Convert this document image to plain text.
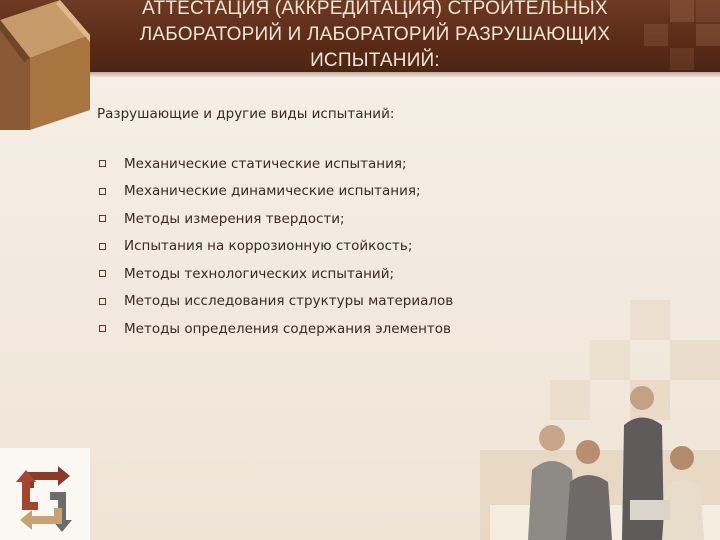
АТТЕСТАЦИЯ (АККРЕДИТАЦИЯ) СТРОИТЕЛЬНЫХ
ЛАБОРАТОРИЙ И ЛАБОРАТОРИЙ РАЗРУШАЮЩИХ
ИСПЫТАНИЙ:
Разрушающие и другие виды испытаний:
Механические статические испытания;
Механические динамические испытания;
Методы измерения твердости;
Испытания на коррозионную стойкость;
Методы технологических испытаний;
Методы исследования структуры материалов
Методы определения содержания элементов
